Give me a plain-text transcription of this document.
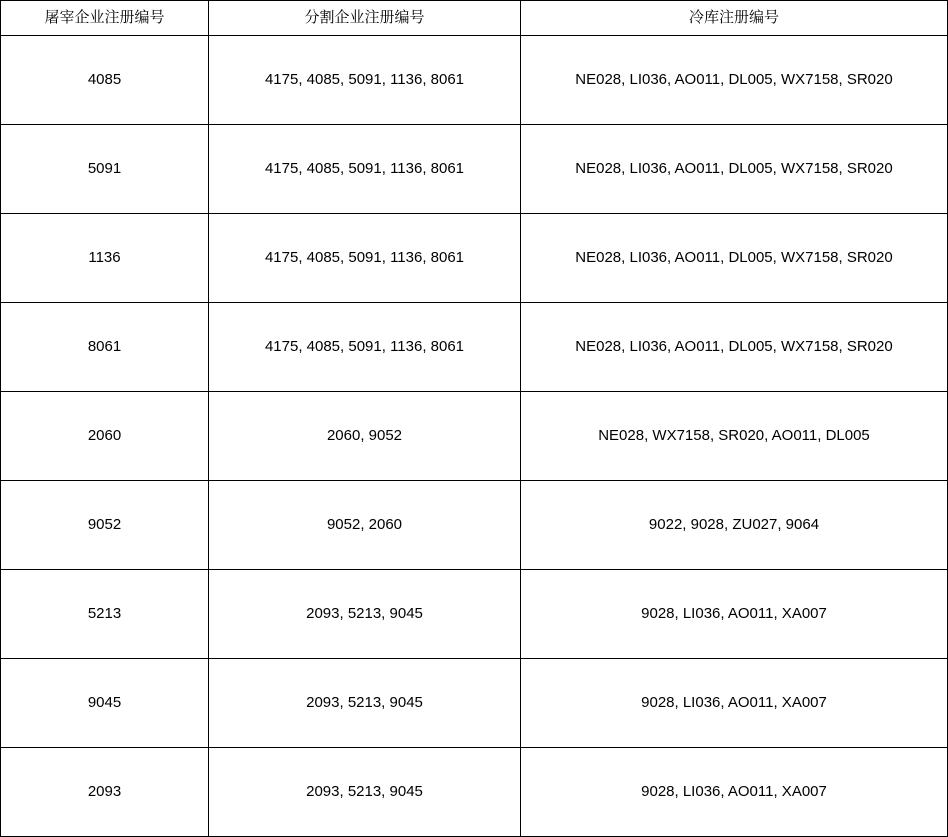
屠宰企业注册编号	分割企业注册编号	冷库注册编号
4085	4175, 4085, 5091, 1136, 8061	NE028, LI036, AO011, DL005, WX7158, SR020
5091	4175, 4085, 5091, 1136, 8061	NE028, LI036, AO011, DL005, WX7158, SR020
1136	4175, 4085, 5091, 1136, 8061	NE028, LI036, AO011, DL005, WX7158, SR020
8061	4175, 4085, 5091, 1136, 8061	NE028, LI036, AO011, DL005, WX7158, SR020
2060	2060, 9052	NE028, WX7158, SR020, AO011, DL005
9052	9052, 2060	9022, 9028, ZU027, 9064
5213	2093, 5213, 9045	9028, LI036, AO011, XA007
9045	2093, 5213, 9045	9028, LI036, AO011, XA007
2093	2093, 5213, 9045	9028, LI036, AO011, XA007
